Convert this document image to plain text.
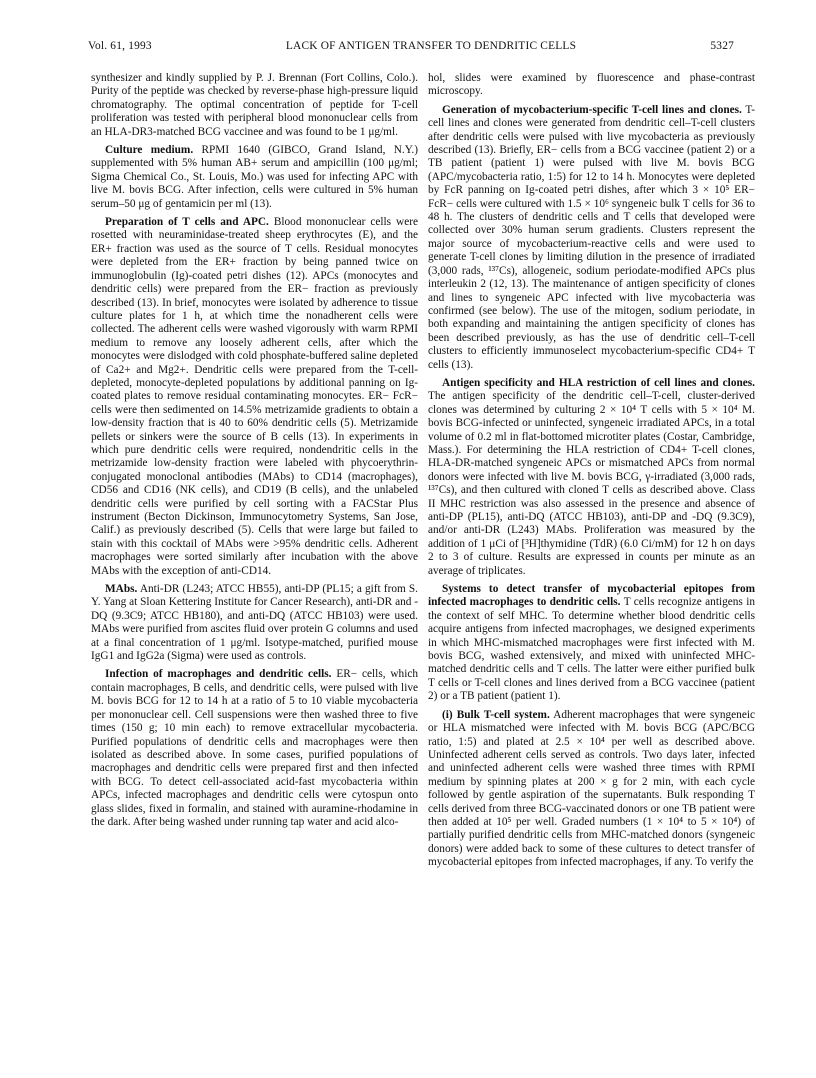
Vol. 61, 1993	LACK OF ANTIGEN TRANSFER TO DENDRITIC CELLS	5327

synthesizer and kindly supplied by P. J. Brennan (Fort Collins, Colo.). Purity of the peptide was checked by reverse-phase high-pressure liquid chromatography. The optimal concentration of peptide for T-cell proliferation was tested with peripheral blood mononuclear cells from an HLA-DR3-matched BCG vaccinee and was found to be 1 μg/ml.

Culture medium. RPMI 1640 (GIBCO, Grand Island, N.Y.) supplemented with 5% human AB+ serum and ampicillin (100 μg/ml; Sigma Chemical Co., St. Louis, Mo.) was used for infecting APC with live M. bovis BCG. After infection, cells were cultured in 5% human serum–50 μg of gentamicin per ml (13).

Preparation of T cells and APC. Blood mononuclear cells were rosetted with neuraminidase-treated sheep erythrocytes (E), and the ER+ fraction was used as the source of T cells. Residual monocytes were depleted from the ER+ fraction by being panned twice on immunoglobulin (Ig)-coated petri dishes (12). APCs (monocytes and dendritic cells) were prepared from the ER− fraction as previously described (13). In brief, monocytes were isolated by adherence to tissue culture plates for 1 h, at which time the nonadherent cells were collected. The adherent cells were washed vigorously with warm RPMI medium to remove any loosely adherent cells, after which the monocytes were dislodged with cold phosphate-buffered saline depleted of Ca2+ and Mg2+. Dendritic cells were prepared from the T-cell-depleted, monocyte-depleted populations by additional panning on Ig-coated plates to remove residual contaminating monocytes. ER− FcR− cells were then sedimented on 14.5% metrizamide gradients to obtain a low-density fraction that is 40 to 60% dendritic cells (5). Metrizamide pellets or sinkers were the source of B cells (13). In experiments in which pure dendritic cells were required, nondendritic cells in the metrizamide low-density fraction were labeled with phycoerythrin-conjugated monoclonal antibodies (MAbs) to CD14 (macrophages), CD56 and CD16 (NK cells), and CD19 (B cells), and the unlabeled dendritic cells were purified by cell sorting with a FACStar Plus instrument (Becton Dickinson, Immunocytometry Systems, San Jose, Calif.) as previously described (5). Cells that were large but failed to stain with this cocktail of MAbs were >95% dendritic cells. Adherent macrophages were sorted similarly after incubation with the above MAbs with the exception of anti-CD14.

MAbs. Anti-DR (L243; ATCC HB55), anti-DP (PL15; a gift from S. Y. Yang at Sloan Kettering Institute for Cancer Research), anti-DR and -DQ (9.3C9; ATCC HB180), and anti-DQ (ATCC HB103) were used. MAbs were purified from ascites fluid over protein G columns and used at a final concentration of 1 μg/ml. Isotype-matched, purified mouse IgG1 and IgG2a (Sigma) were used as controls.

Infection of macrophages and dendritic cells. ER− cells, which contain macrophages, B cells, and dendritic cells, were pulsed with live M. bovis BCG for 12 to 14 h at a ratio of 5 to 10 viable mycobacteria per mononuclear cell. Cell suspensions were then washed three to five times (150 g; 10 min each) to remove extracellular mycobacteria. Purified populations of dendritic cells and macrophages were then isolated as described above. In some cases, purified populations of macrophages and dendritic cells were prepared first and then infected with BCG. To detect cell-associated acid-fast mycobacteria within APCs, infected macrophages and dendritic cells were cytospun onto glass slides, fixed in formalin, and stained with auramine-rhodamine in the dark. After being washed under running tap water and acid alco-

hol, slides were examined by fluorescence and phase-contrast microscopy.

Generation of mycobacterium-specific T-cell lines and clones. T-cell lines and clones were generated from dendritic cell–T-cell clusters after dendritic cells were pulsed with live mycobacteria as previously described (13). Briefly, ER− cells from a BCG vaccinee (patient 2) or a TB patient (patient 1) were pulsed with live M. bovis BCG (APC/mycobacteria ratio, 1:5) for 12 to 14 h. Monocytes were depleted by FcR panning on Ig-coated petri dishes, after which 3 × 10⁵ ER− FcR− cells were cultured with 1.5 × 10⁶ syngeneic bulk T cells for 36 to 48 h. The clusters of dendritic cells and T cells that developed were collected over 30% human serum gradients. Clusters represent the major source of mycobacterium-reactive cells and were used to generate T-cell clones by limiting dilution in the presence of irradiated (3,000 rads, ¹³⁷Cs), allogeneic, sodium periodate-modified APCs plus interleukin 2 (12, 13). The maintenance of antigen specificity of clones and lines to syngeneic APC infected with live mycobacteria was confirmed (see below). The use of the mitogen, sodium periodate, in both expanding and maintaining the antigen specificity of clones has been described previously, as has the use of dendritic cell–T-cell clusters to efficiently immunoselect mycobacterium-specific CD4+ T cells (13).

Antigen specificity and HLA restriction of cell lines and clones. The antigen specificity of the dendritic cell–T-cell, cluster-derived clones was determined by culturing 2 × 10⁴ T cells with 5 × 10⁴ M. bovis BCG-infected or uninfected, syngeneic irradiated APCs, in a total volume of 0.2 ml in flat-bottomed microtiter plates (Costar, Cambridge, Mass.). For determining the HLA restriction of CD4+ T-cell clones, HLA-DR-matched syngeneic APCs or mismatched APCs from normal donors were infected with live M. bovis BCG, γ-irradiated (3,000 rads, ¹³⁷Cs), and then cultured with cloned T cells as described above. Class II MHC restriction was also assessed in the presence and absence of anti-DP (PL15), anti-DQ (ATCC HB103), anti-DP and -DQ (9.3C9), and/or anti-DR (L243) MAbs. Proliferation was measured by the addition of 1 μCi of [³H]thymidine (TdR) (6.0 Ci/mM) for 12 h on days 2 to 3 of culture. Results are expressed in counts per minute as an average of triplicates.

Systems to detect transfer of mycobacterial epitopes from infected macrophages to dendritic cells. T cells recognize antigens in the context of self MHC. To determine whether blood dendritic cells acquire antigens from infected macrophages, we designed experiments in which MHC-mismatched macrophages were first infected with M. bovis BCG, washed extensively, and mixed with uninfected MHC-matched dendritic cells and T cells. The latter were either purified bulk T cells or T-cell clones and lines derived from a BCG vaccinee (patient 2) or a TB patient (patient 1).

(i) Bulk T-cell system. Adherent macrophages that were syngeneic or HLA mismatched were infected with M. bovis BCG (APC/BCG ratio, 1:5) and plated at 2.5 × 10⁴ per well as described above. Uninfected adherent cells served as controls. Two days later, infected and uninfected adherent cells were washed three times with RPMI medium by spinning plates at 200 × g for 2 min, with each cycle followed by gentle aspiration of the supernatants. Bulk responding T cells derived from three BCG-vaccinated donors or one TB patient were then added at 10⁵ per well. Graded numbers (1 × 10⁴ to 5 × 10⁴) of partially purified dendritic cells from MHC-matched donors (syngeneic donors) were added back to some of these cultures to detect transfer of mycobacterial epitopes from infected macrophages, if any. To verify the
